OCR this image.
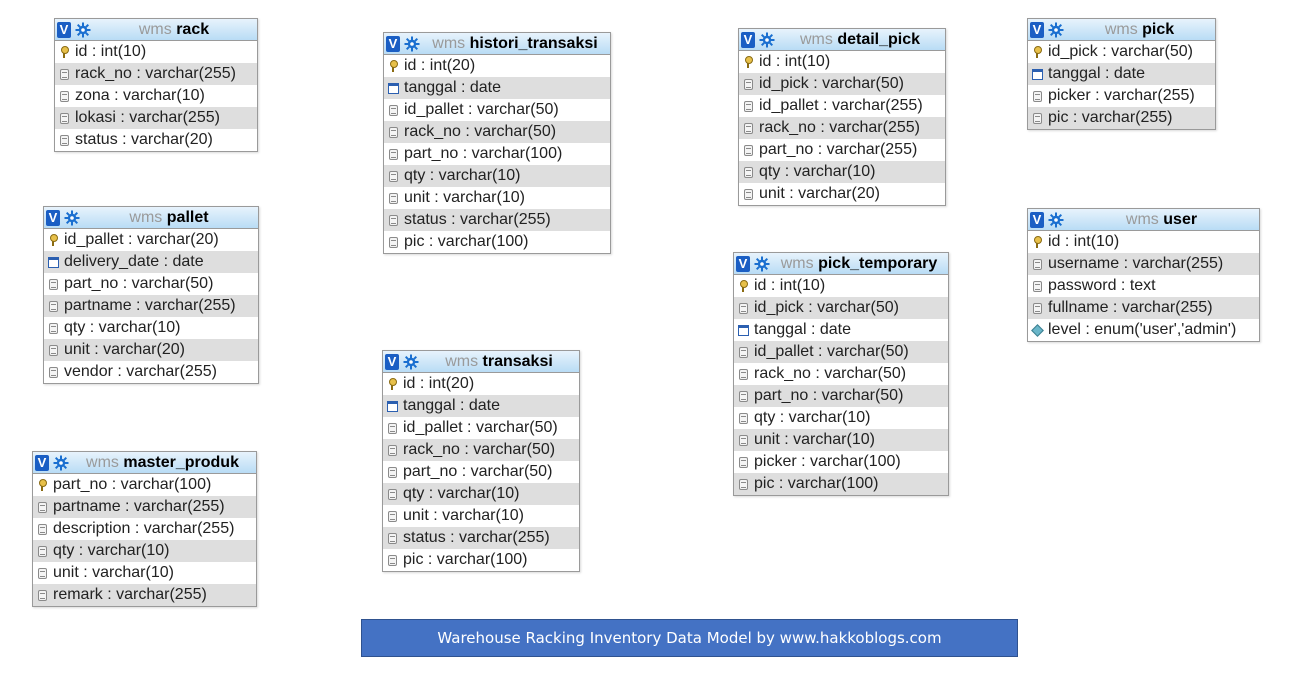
V	wms rack
id : int(10)
rack_no : varchar(255)
zona : varchar(10)
lokasi : varchar(255)
status : varchar(20)
V	wms histori_transaksi
id : int(20)
tanggal : date
id_pallet : varchar(50)
rack_no : varchar(50)
part_no : varchar(100)
qty : varchar(10)
unit : varchar(10)
status : varchar(255)
pic : varchar(100)
V	wms detail_pick
id : int(10)
id_pick : varchar(50)
id_pallet : varchar(255)
rack_no : varchar(255)
part_no : varchar(255)
qty : varchar(10)
unit : varchar(20)
V	wms pick
id_pick : varchar(50)
tanggal : date
picker : varchar(255)
pic : varchar(255)
V	wms pallet
id_pallet : varchar(20)
delivery_date : date
part_no : varchar(50)
partname : varchar(255)
qty : varchar(10)
unit : varchar(20)
vendor : varchar(255)
V	wms user
id : int(10)
username : varchar(255)
password : text
fullname : varchar(255)
level : enum('user','admin')
V	wms pick_temporary
id : int(10)
id_pick : varchar(50)
tanggal : date
id_pallet : varchar(50)
rack_no : varchar(50)
part_no : varchar(50)
qty : varchar(10)
unit : varchar(10)
picker : varchar(100)
pic : varchar(100)
V	wms transaksi
id : int(20)
tanggal : date
id_pallet : varchar(50)
rack_no : varchar(50)
part_no : varchar(50)
qty : varchar(10)
unit : varchar(10)
status : varchar(255)
pic : varchar(100)
V	wms master_produk
part_no : varchar(100)
partname : varchar(255)
description : varchar(255)
qty : varchar(10)
unit : varchar(10)
remark : varchar(255)
Warehouse Racking Inventory Data Model by www.hakkoblogs.com
